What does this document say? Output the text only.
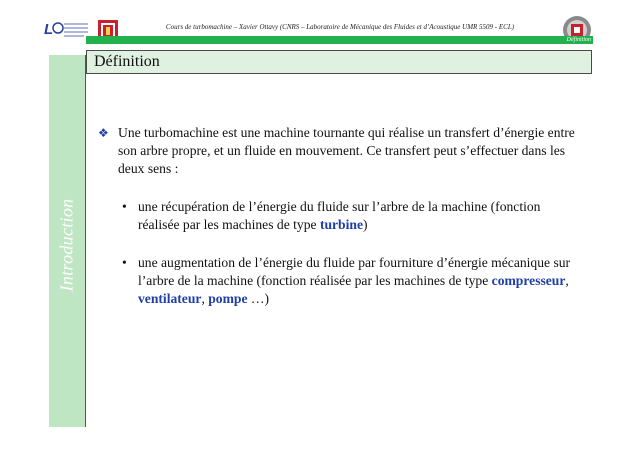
L	Cours de turbomachine – Xavier Ottavy (CNRS – Laboratoire de Mécanique des Fluides et d’Acoustique UMR 5509 - ECL)
Définition
Introduction
Définition
❖ Une turbomachine est une machine tournante qui réalise un transfert d’énergie entre son arbre propre, et un fluide en mouvement. Ce transfert peut s’effectuer dans les deux sens :
• une récupération de l’énergie du fluide sur l’arbre de la machine (fonction réalisée par les machines de type turbine)
• une augmentation de l’énergie du fluide par fourniture d’énergie mécanique sur l’arbre de la machine (fonction réalisée par les machines de type compresseur, ventilateur, pompe …)
